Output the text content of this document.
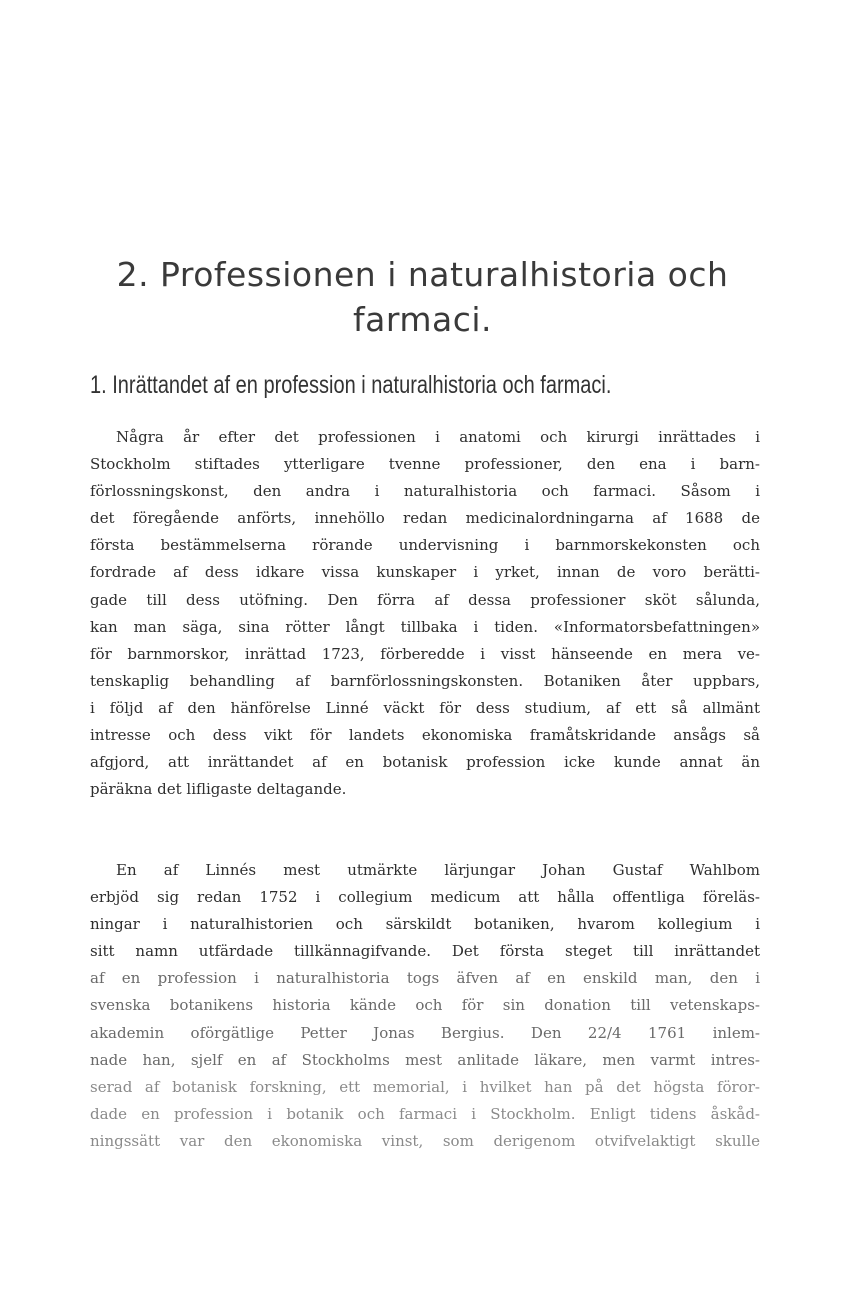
2. Professionen i naturalhistoria och
farmaci.
1. Inrättandet af en profession i naturalhistoria och farmaci.
Några år efter det professionen i anatomi och kirurgi inrättades i
Stockholm stiftades ytterligare tvenne professioner, den ena i barn-
förlossningskonst, den andra i naturalhistoria och farmaci. Såsom i
det föregående anförts, innehöllo redan medicinalordningarna af 1688 de
första bestämmelserna rörande undervisning i barnmorskekonsten och
fordrade af dess idkare vissa kunskaper i yrket, innan de voro berätti-
gade till dess utöfning. Den förra af dessa professioner sköt sålunda,
kan man säga, sina rötter långt tillbaka i tiden. «Informatorsbefattningen»
för barnmorskor, inrättad 1723, förberedde i visst hänseende en mera ve-
tenskaplig behandling af barnförlossningskonsten. Botaniken åter uppbars,
i följd af den hänförelse Linné väckt för dess studium, af ett så allmänt
intresse och dess vikt för landets ekonomiska framåtskridande ansågs så
afgjord, att inrättandet af en botanisk profession icke kunde annat än
päräkna det lifligaste deltagande.
En af Linnés mest utmärkte lärjungar Johan Gustaf Wahlbom
erbjöd sig redan 1752 i collegium medicum att hålla offentliga föreläs-
ningar i naturalhistorien och särskildt botaniken, hvarom kollegium i
sitt namn utfärdade tillkännagifvande. Det första steget till inrättandet
af en profession i naturalhistoria togs äfven af en enskild man, den i
svenska botanikens historia kände och för sin donation till vetenskaps-
akademin oförgätlige Petter Jonas Bergius. Den 22/4 1761 inlem-
nade han, sjelf en af Stockholms mest anlitade läkare, men varmt intres-
serad af botanisk forskning, ett memorial, i hvilket han på det högsta föror-
dade en profession i botanik och farmaci i Stockholm. Enligt tidens åskåd-
ningssätt var den ekonomiska vinst, som derigenom otvifvelaktigt skulle
